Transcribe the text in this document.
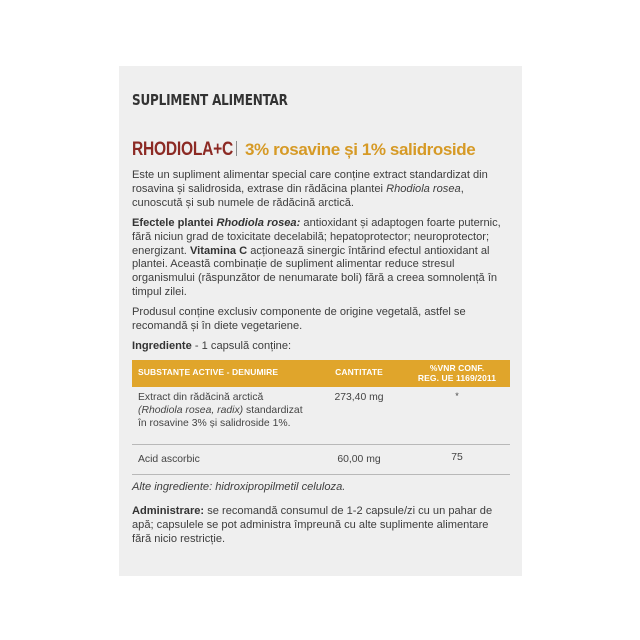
SUPLIMENT ALIMENTAR
RHODIOLA+C 3% rosavine și 1% salidroside

Este un supliment alimentar special care conține extract standardizat din rosavina și salidrosida, extrase din rădăcina plantei Rhodiola rosea, cunoscută și sub numele de rădăcină arctică.

Efectele plantei Rhodiola rosea: antioxidant și adaptogen foarte puternic, fără niciun grad de toxicitate decelabilă; hepatoprotector; neuroprotector; energizant. Vitamina C acționează sinergic întărind efectul antioxidant al plantei. Această combinație de supliment alimentar reduce stresul organismului (răspunzător de nenumarate boli) fără a creea somnolență în timpul zilei.

Produsul conține exclusiv componente de origine vegetală, astfel se recomandă și în diete vegetariene.

Ingrediente - 1 capsulă conține:

SUBSTANȚE ACTIVE - DENUMIRE	CANTITATE	%VNR CONF.
REG. UE 1169/2011
Extract din rădăcină arctică
(Rhodiola rosea, radix) standardizat
în rosavine 3% și salidroside 1%.
273,40 mg	*
Acid ascorbic	60,00 mg	75
Alte ingrediente: hidroxipropilmetil celuloza.
Administrare: se recomandă consumul de 1-2 capsule/zi cu un pahar de apă; capsulele se pot administra împreună cu alte suplimente alimentare fără nicio restricție.
